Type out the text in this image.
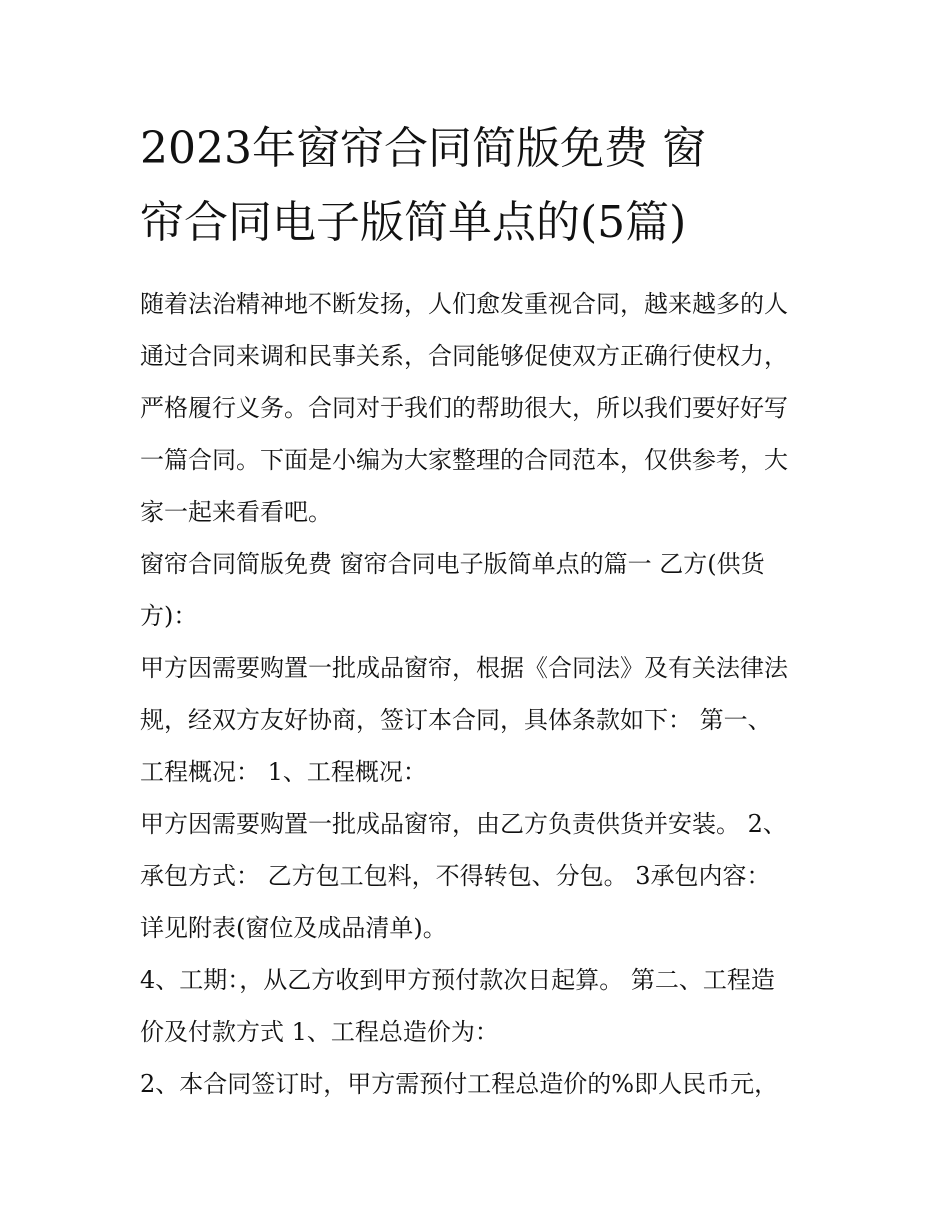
2023年窗帘合同简版免费 窗
帘合同电子版简单点的(5篇)
随着法治精神地不断发扬，人们愈发重视合同，越来越多的人
通过合同来调和民事关系，合同能够促使双方正确行使权力，
严格履行义务。合同对于我们的帮助很大，所以我们要好好写
一篇合同。下面是小编为大家整理的合同范本，仅供参考，大
家一起来看看吧。
窗帘合同简版免费 窗帘合同电子版简单点的篇一 乙方(供货
方)：
甲方因需要购置一批成品窗帘，根据《合同法》及有关法律法
规，经双方友好协商，签订本合同，具体条款如下： 第一、
工程概况： 1、工程概况：
甲方因需要购置一批成品窗帘，由乙方负责供货并安装。 2、
承包方式： 乙方包工包料，不得转包、分包。 3承包内容：
详见附表(窗位及成品清单)。
4、工期：，从乙方收到甲方预付款次日起算。 第二、工程造
价及付款方式 1、工程总造价为：
2、本合同签订时，甲方需预付工程总造价的%即人民币元，
